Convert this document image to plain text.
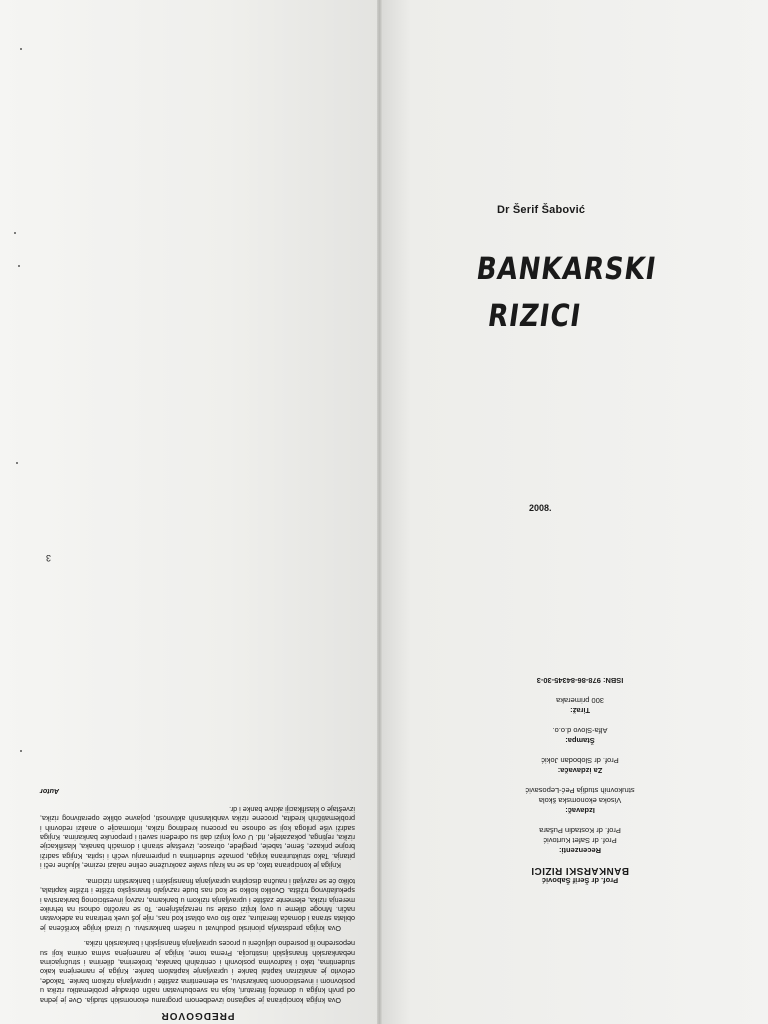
3
PREDGOVOR

Ova knjiga koncipirana je saglasno izvedbenom programu ekonomskih studija. Ove je jedna od prvih knjiga u domaćoj literaturi, koja na sveobuhvatan način obrađuje problematiku rizika u poslovnom i investicionom bankarstvu, sa elementima zaštite i upravljanja rizikom banke. Takođe, celovito je analiziran kapital banke i upravljanje kapitalom banke. Knjiga je namenjena kako studentima, tako i kadrovima poslovnih i centralnih banaka, brokerima, dilerima i stručnjacima nebankarskih finansijskih institucija. Prema tome, knjiga je namenjena svima onima koji su neposredno ili posredno uključeni u proces upravljanja finansijskih i bankarskih rizika.

Ova knjiga predstavlja pionirski poduhvat u našem bankarstvu. U izradi knjige korišćena je obilata strana i domaća literatura, zato što ova oblast kod nas, nije još uvek tretirana na adekvatan način. Mnoge dileme u ovoj knjizi ostale su nerazjašnjene. To se naročito odnosi na tehnike merenja rizika, elemente zaštite i upravljanja rizikom u bankama, razvoj investicionog bankarstva i spekulativnog tržišta. Ovoliko koliko se kod nas bude razvijalo finansijsko tržište i tržište kapitala, toliko će se razvijati i naučna disciplina upravljanja finansijskim i bankarskim rizicima.

Knjiga je koncipirana tako, da se na kraju svake zaokružene celine nalazi rezime, ključne reči i pitanja. Tako strukturirana knjiga, pomaže studentima u pripremanju većih i ispita. Knjiga sadrži brojne prikaze, šeme, tabele, preglede, obrasce, izveštaje stranih i domaćih banaka, klasifikacije rizika, rejtinga, pokazatelje, itd. U ovoj knjizi dati su određeni saveti i preporuke bankarima. Knjiga sadrži više priloga koji se odnose na procenu kreditnog rizika, informacije o analizi redovnih i problematičnih kredita, procene rizika vanbilansnih aktivnosti, pojavne oblike operativnog rizika, izveštaje o klasifikaciji aktive banke i dr.

Autor
Dr Šerif Šabović
BANKARSKI
RIZICI
2008.
Prof. dr Šerif Šabović
BANKARSKI RIZICI
Recenzenti:
Prof. dr Safet Kurtović
Prof. dr Kostadin Pušara
Izdavač:
Visoka ekonomska škola
strukovnih studija Peć-Leposavić
Za izdavača:
Prof. dr Slobodan Jokić
Štampa:
Alfa-Slovo d.o.o.
Tiraž:
300 primeraka
ISBN: 978-86-84345-30-3
